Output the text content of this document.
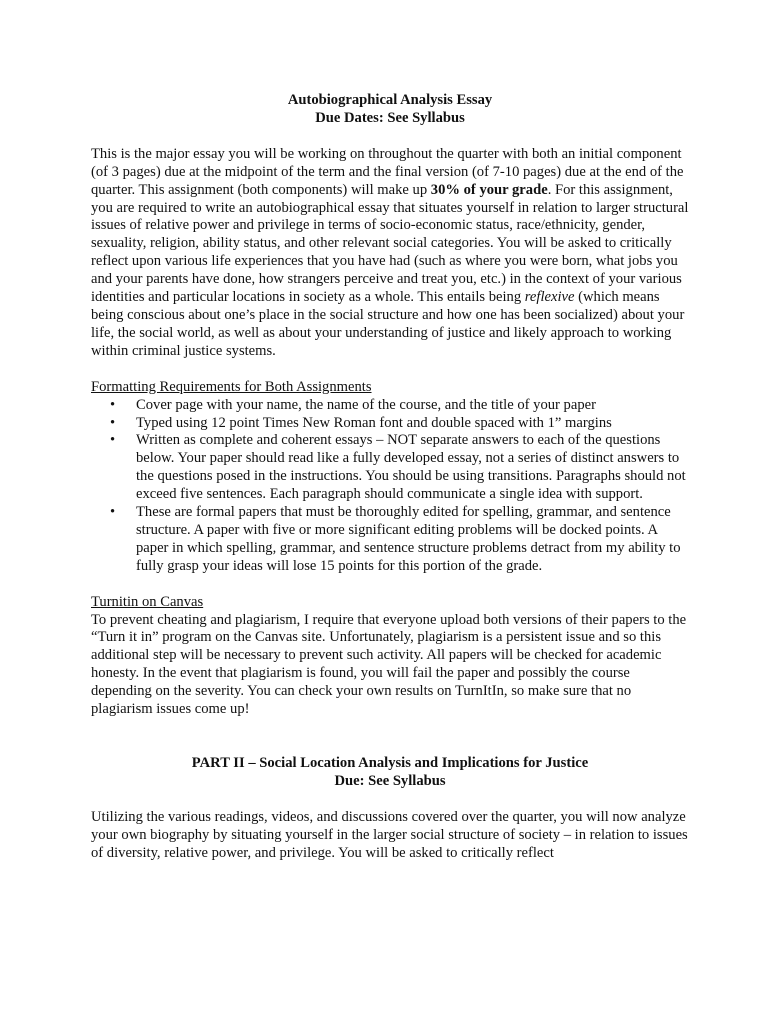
Autobiographical Analysis Essay
Due Dates: See Syllabus

This is the major essay you will be working on throughout the quarter with both an initial component (of 3 pages) due at the midpoint of the term and the final version (of 7-10 pages) due at the end of the quarter. This assignment (both components) will make up 30% of your grade. For this assignment, you are required to write an autobiographical essay that situates yourself in relation to larger structural issues of relative power and privilege in terms of socio-economic status, race/ethnicity, gender, sexuality, religion, ability status, and other relevant social categories. You will be asked to critically reflect upon various life experiences that you have had (such as where you were born, what jobs you and your parents have done, how strangers perceive and treat you, etc.) in the context of your various identities and particular locations in society as a whole. This entails being reflexive (which means being conscious about one’s place in the social structure and how one has been socialized) about your life, the social world, as well as about your understanding of justice and likely approach to working within criminal justice systems.

Formatting Requirements for Both Assignments

• Cover page with your name, the name of the course, and the title of your paper
• Typed using 12 point Times New Roman font and double spaced with 1” margins
• Written as complete and coherent essays – NOT separate answers to each of the questions below. Your paper should read like a fully developed essay, not a series of distinct answers to the questions posed in the instructions. You should be using transitions. Paragraphs should not exceed five sentences. Each paragraph should communicate a single idea with support.
• These are formal papers that must be thoroughly edited for spelling, grammar, and sentence structure. A paper with five or more significant editing problems will be docked points. A paper in which spelling, grammar, and sentence structure problems detract from my ability to fully grasp your ideas will lose 15 points for this portion of the grade.

Turnitin on Canvas

To prevent cheating and plagiarism, I require that everyone upload both versions of their papers to the “Turn it in” program on the Canvas site. Unfortunately, plagiarism is a persistent issue and so this additional step will be necessary to prevent such activity. All papers will be checked for academic honesty. In the event that plagiarism is found, you will fail the paper and possibly the course depending on the severity. You can check your own results on TurnItIn, so make sure that no plagiarism issues come up!

PART II – Social Location Analysis and Implications for Justice
Due: See Syllabus

Utilizing the various readings, videos, and discussions covered over the quarter, you will now analyze your own biography by situating yourself in the larger social structure of society – in relation to issues of diversity, relative power, and privilege. You will be asked to critically reflect
